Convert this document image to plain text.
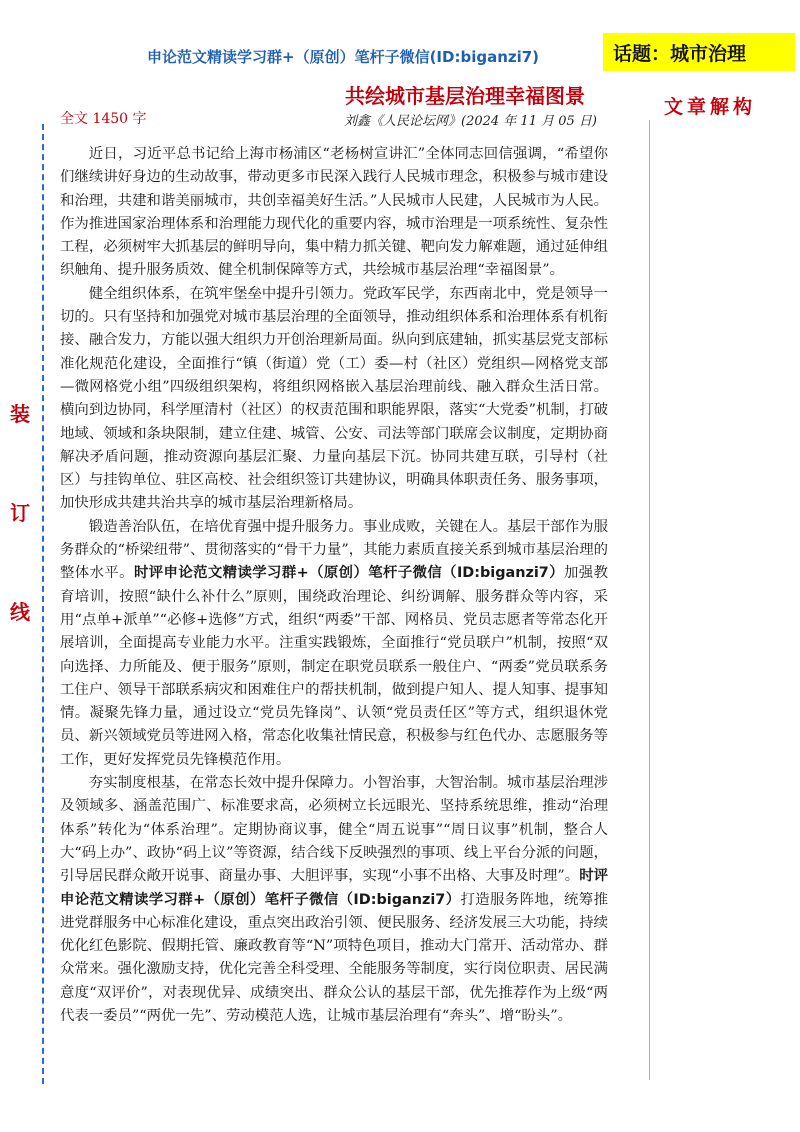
申论范文精读学习群+（原创）笔杆子微信(ID:biganzi7)	话题：城市治理
共绘城市基层治理幸福图景
刘鑫《人民论坛网》(2024 年 11 月 05 日)
全文 1450 字
文章解构
装
订
线

近日，习近平总书记给上海市杨浦区“老杨树宣讲汇”全体同志回信强调，“希望你们继续讲好身边的生动故事，带动更多市民深入践行人民城市理念，积极参与城市建设和治理，共建和谐美丽城市，共创幸福美好生活。”人民城市人民建，人民城市为人民。作为推进国家治理体系和治理能力现代化的重要内容，城市治理是一项系统性、复杂性工程，必须树牢大抓基层的鲜明导向，集中精力抓关键、靶向发力解难题，通过延伸组织触角、提升服务质效、健全机制保障等方式，共绘城市基层治理“幸福图景”。

健全组织体系，在筑牢堡垒中提升引领力。党政军民学，东西南北中，党是领导一切的。只有坚持和加强党对城市基层治理的全面领导，推动组织体系和治理体系有机衔接、融合发力，方能以强大组织力开创治理新局面。纵向到底建轴，抓实基层党支部标准化规范化建设，全面推行“镇（街道）党（工）委—村（社区）党组织—网格党支部—微网格党小组”四级组织架构，将组织网格嵌入基层治理前线、融入群众生活日常。横向到边协同，科学厘清村（社区）的权责范围和职能界限，落实“大党委”机制，打破地域、领域和条块限制，建立住建、城管、公安、司法等部门联席会议制度，定期协商解决矛盾问题，推动资源向基层汇聚、力量向基层下沉。协同共建互联，引导村（社区）与挂钩单位、驻区高校、社会组织签订共建协议，明确具体职责任务、服务事项，加快形成共建共治共享的城市基层治理新格局。

锻造善治队伍，在培优育强中提升服务力。事业成败，关键在人。基层干部作为服务群众的“桥梁纽带”、贯彻落实的“骨干力量”，其能力素质直接关系到城市基层治理的整体水平。时评申论范文精读学习群+（原创）笔杆子微信（ID:biganzi7）加强教育培训，按照“缺什么补什么”原则，围绕政治理论、纠纷调解、服务群众等内容，采用“点单+派单”“必修+选修”方式，组织“两委”干部、网格员、党员志愿者等常态化开展培训，全面提高专业能力水平。注重实践锻炼，全面推行“党员联户”机制，按照“双向选择、力所能及、便于服务”原则，制定在职党员联系一般住户、“两委”党员联系务工住户、领导干部联系病灾和困难住户的帮扶机制，做到提户知人、提人知事、提事知情。凝聚先锋力量，通过设立“党员先锋岗”、认领“党员责任区”等方式，组织退休党员、新兴领域党员等进网入格，常态化收集社情民意，积极参与红色代办、志愿服务等工作，更好发挥党员先锋模范作用。

夯实制度根基，在常态长效中提升保障力。小智治事，大智治制。城市基层治理涉及领域多、涵盖范围广、标准要求高，必须树立长远眼光、坚持系统思维，推动“治理体系”转化为“体系治理”。定期协商议事，健全“周五说事”“周日议事”机制，整合人大“码上办”、政协“码上议”等资源，结合线下反映强烈的事项、线上平台分派的问题，引导居民群众敞开说事、商量办事、大胆评事，实现“小事不出格、大事及时理”。时评申论范文精读学习群+（原创）笔杆子微信（ID:biganzi7）打造服务阵地，统筹推进党群服务中心标准化建设，重点突出政治引领、便民服务、经济发展三大功能，持续优化红色影院、假期托管、廉政教育等“N”项特色项目，推动大门常开、活动常办、群众常来。强化激励支持，优化完善全科受理、全能服务等制度，实行岗位职责、居民满意度“双评价”，对表现优异、成绩突出、群众公认的基层干部，优先推荐作为上级“两代表一委员”“两优一先”、劳动模范人选，让城市基层治理有“奔头”、增“盼头”。
